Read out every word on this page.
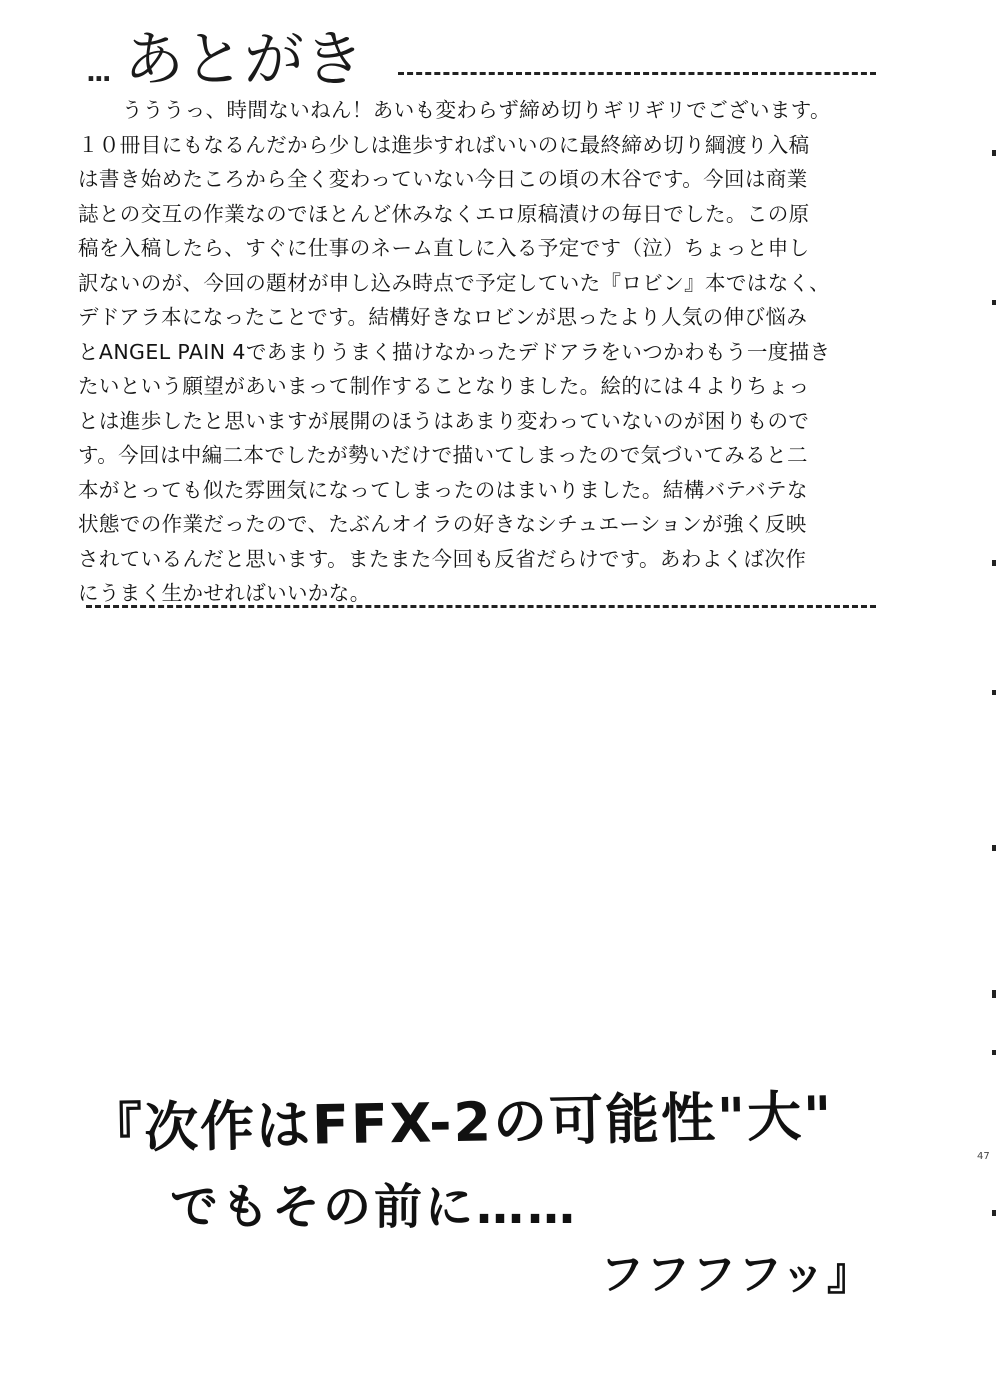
... あとがき
うううっ、時間ないねん！あいも変わらず締め切りギリギリでございます。
１０冊目にもなるんだから少しは進歩すればいいのに最終締め切り綱渡り入稿
は書き始めたころから全く変わっていない今日この頃の木谷です。今回は商業
誌との交互の作業なのでほとんど休みなくエロ原稿漬けの毎日でした。この原
稿を入稿したら、すぐに仕事のネーム直しに入る予定です（泣）ちょっと申し
訳ないのが、今回の題材が申し込み時点で予定していた『ロビン』本ではなく、
デドアラ本になったことです。結構好きなロビンが思ったより人気の伸び悩み
とANGEL PAIN 4であまりうまく描けなかったデドアラをいつかわもう一度描き
たいという願望があいまって制作することなりました。絵的には４よりちょっ
とは進歩したと思いますが展開のほうはあまり変わっていないのが困りもので
す。今回は中編二本でしたが勢いだけで描いてしまったので気づいてみると二
本がとっても似た雰囲気になってしまったのはまいりました。結構バテバテな
状態での作業だったので、たぶんオイラの好きなシチュエーションが強く反映
されているんだと思います。またまた今回も反省だらけです。あわよくば次作
にうまく生かせればいいかな。
『次作はFFX-2の可能性"大"
でもその前に……
フフフフッ』
47
